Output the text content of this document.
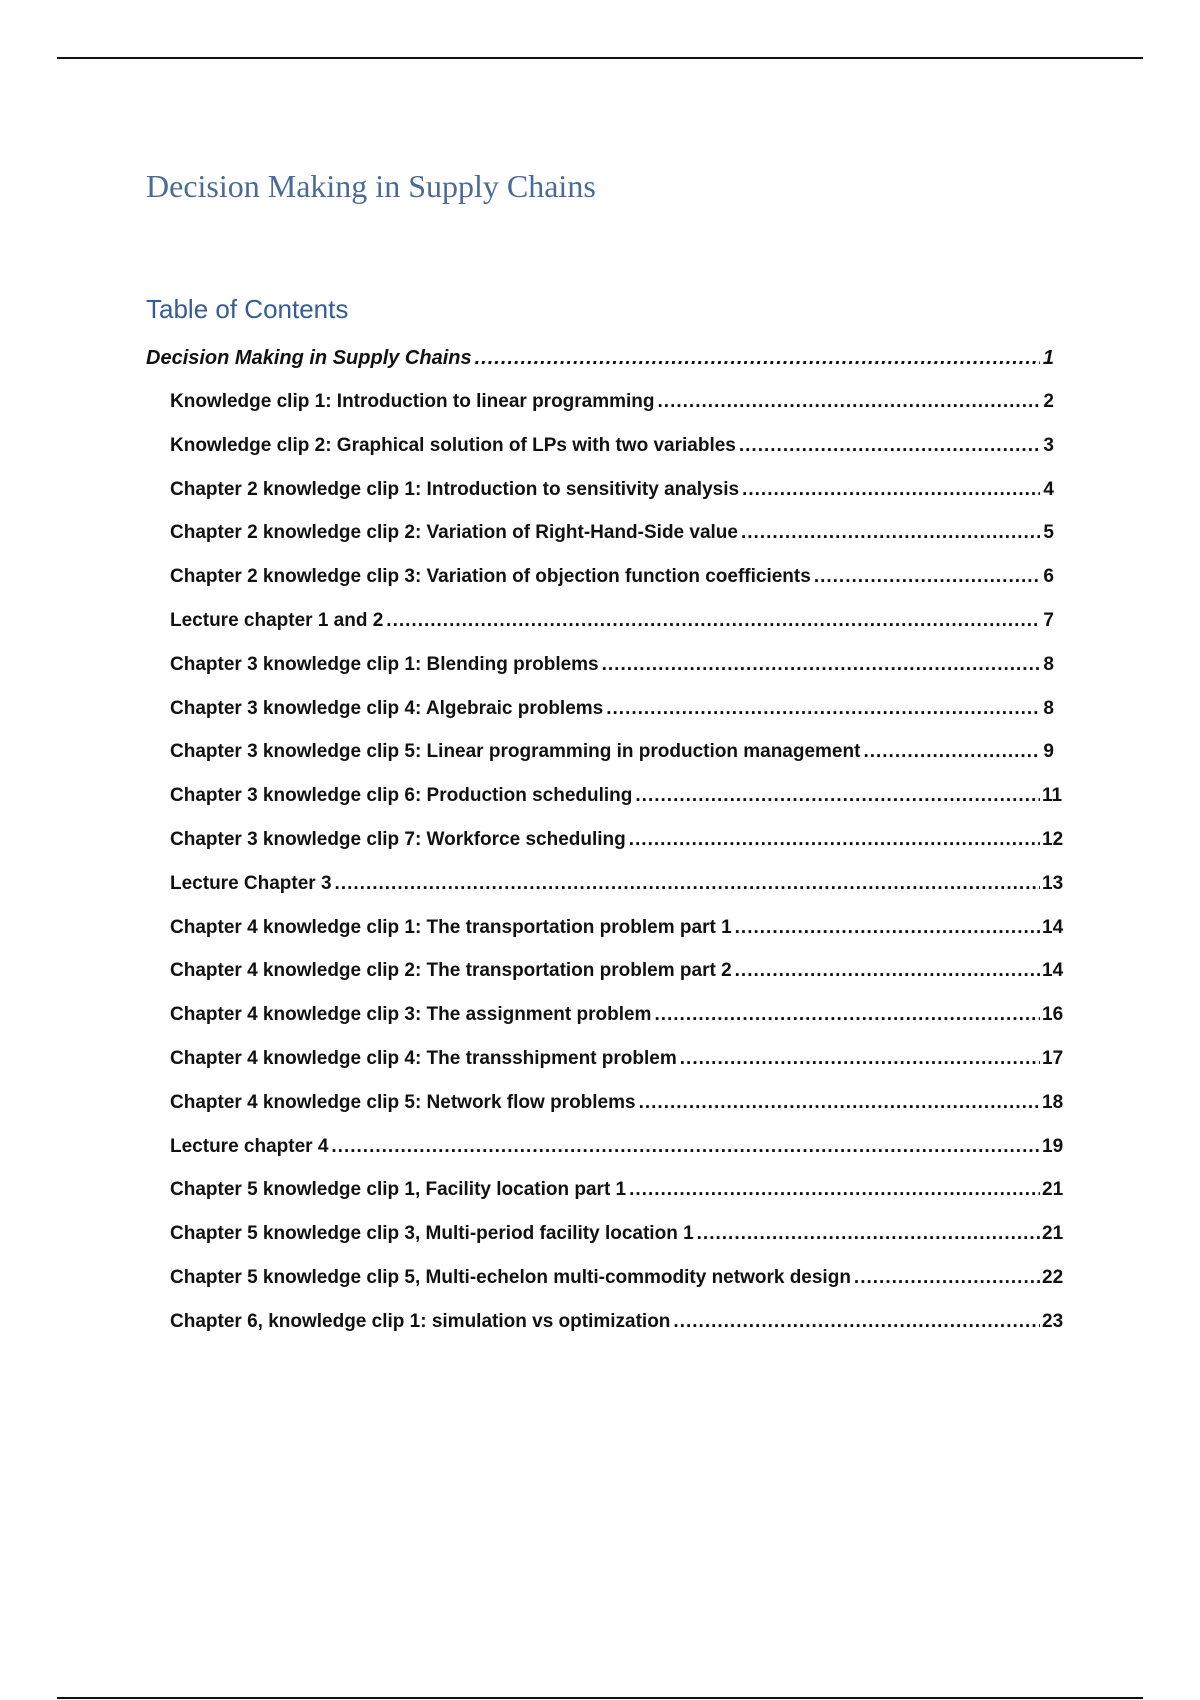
Decision Making in Supply Chains
Table of Contents
Decision Making in Supply Chains .....	1
Knowledge clip 1: Introduction to linear programming .....	2
Knowledge clip 2: Graphical solution of LPs with two variables .....	3
Chapter 2 knowledge clip 1: Introduction to sensitivity analysis .....	4
Chapter 2 knowledge clip 2: Variation of Right-Hand-Side value .....	5
Chapter 2 knowledge clip 3: Variation of objection function coefficients .....	6
Lecture chapter 1 and 2 .....	7
Chapter 3 knowledge clip 1: Blending problems .....	8
Chapter 3 knowledge clip 4: Algebraic problems .....	8
Chapter 3 knowledge clip 5: Linear programming in production management .....	9
Chapter 3 knowledge clip 6: Production scheduling .....	11
Chapter 3 knowledge clip 7: Workforce scheduling .....	12
Lecture Chapter 3 .....	13
Chapter 4 knowledge clip 1: The transportation problem part 1 .....	14
Chapter 4 knowledge clip 2: The transportation problem part 2 .....	14
Chapter 4 knowledge clip 3: The assignment problem .....	16
Chapter 4 knowledge clip 4: The transshipment problem .....	17
Chapter 4 knowledge clip 5: Network flow problems .....	18
Lecture chapter 4 .....	19
Chapter 5 knowledge clip 1, Facility location part 1 .....	21
Chapter 5 knowledge clip 3, Multi-period facility location 1 .....	21
Chapter 5 knowledge clip 5, Multi-echelon multi-commodity network design .....	22
Chapter 6, knowledge clip 1: simulation vs optimization .....	23
